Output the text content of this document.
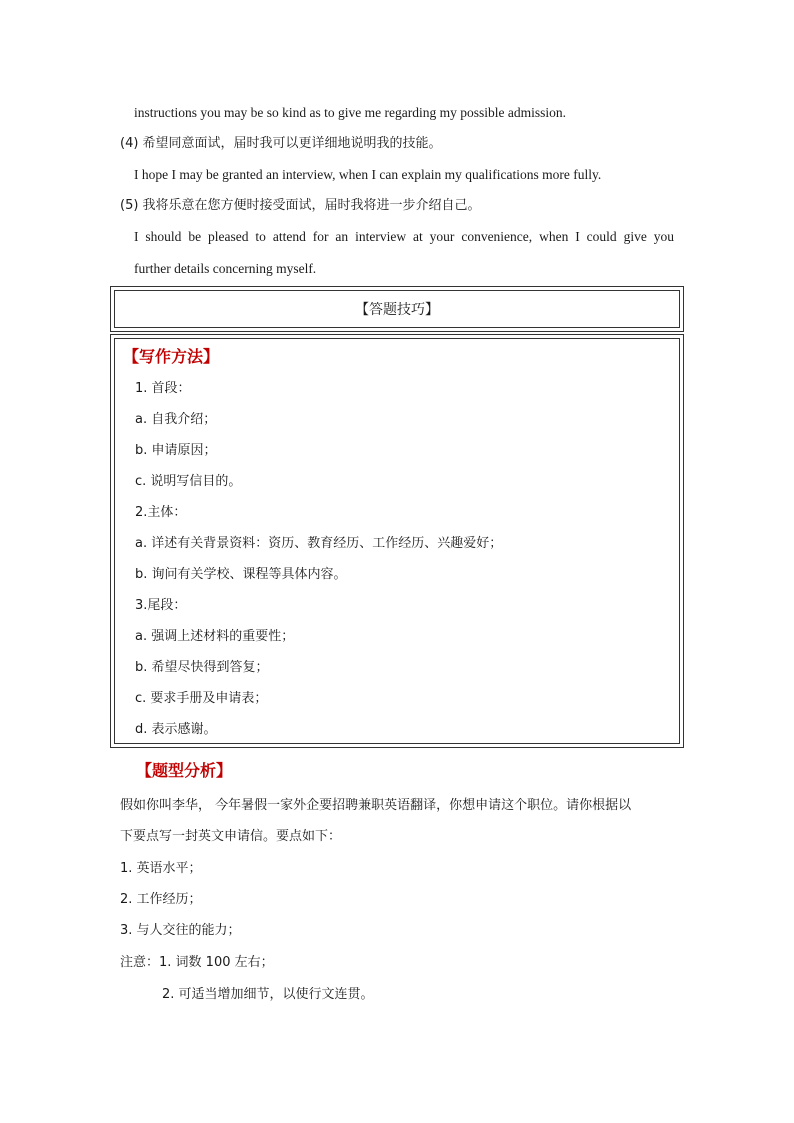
instructions you may be so kind as to give me regarding my possible admission.
(4) 希望同意面试，届时我可以更详细地说明我的技能。
I hope I may be granted an interview, when I can explain my qualifications more fully.
(5) 我将乐意在您方便时接受面试，届时我将进一步介绍自己。
I should be pleased to attend for an interview at your convenience, when I could give you
further details concerning myself.
【答题技巧】
【写作方法】
1. 首段：
a. 自我介绍；
b. 申请原因；
c. 说明写信目的。
2.主体：
a. 详述有关背景资料：资历、教育经历、工作经历、兴趣爱好；
b. 询问有关学校、课程等具体内容。
3.尾段：
a. 强调上述材料的重要性；
b. 希望尽快得到答复；
c. 要求手册及申请表；
d. 表示感谢。
【题型分析】
假如你叫李华， 今年暑假一家外企要招聘兼职英语翻译，你想申请这个职位。请你根据以
下要点写一封英文申请信。要点如下：
1. 英语水平；
2. 工作经历；
3. 与人交往的能力；
注意：1. 词数 100 左右；
2. 可适当增加细节，以使行文连贯。
